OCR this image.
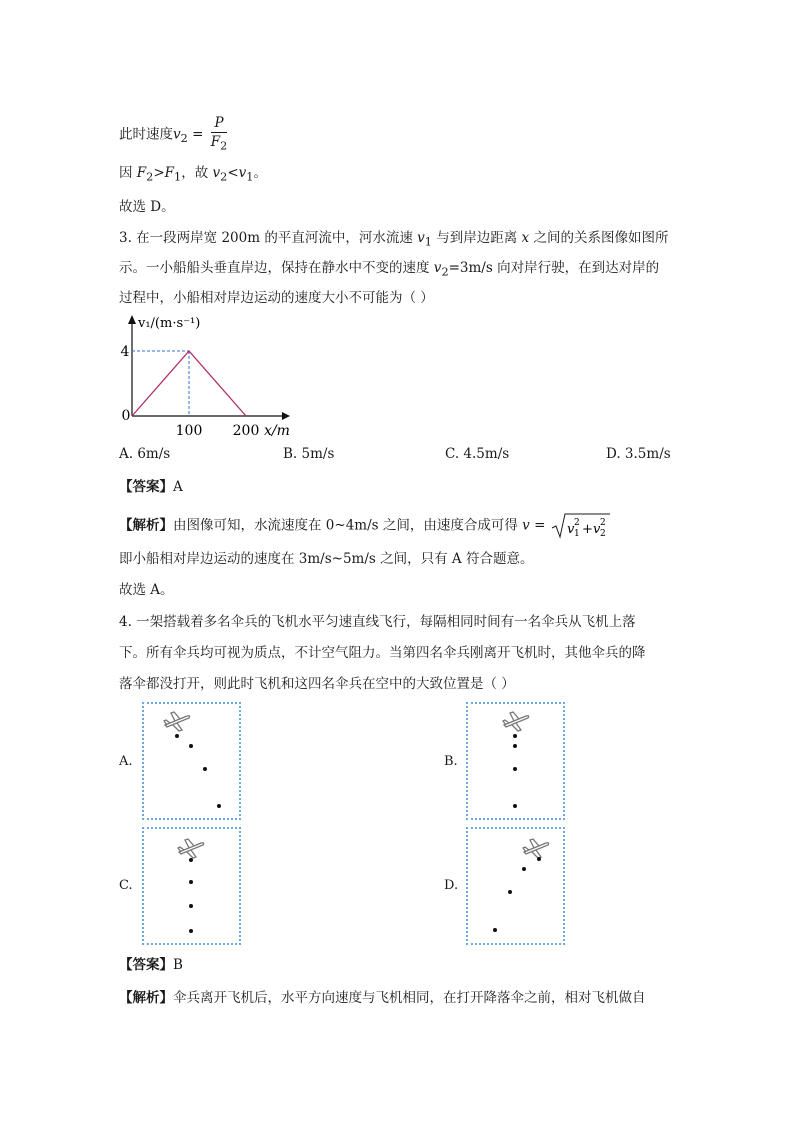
此时速度$v_2 = \frac{P}{F_2}$
因 $F_2>F_1$，故 $v_2<v_1$。
故选 D。
3. 在一段两岸宽 200m 的平直河流中，河水流速 $v_1$ 与到岸边距离 x 之间的关系图像如图所
示。一小船船头垂直岸边，保持在静水中不变的速度 $v_2=3m/s$ 向对岸行驶，在到达对岸的
过程中，小船相对岸边运动的速度大小不可能为（ ）
0
100 200
4
v₁/(m·s⁻¹)
x/m
A. 6m/s	B. 5m/s	C. 4.5m/s	D. 3.5m/s
【答案】A
【解析】由图像可知，水流速度在 0~4m/s 之间，由速度合成可得 v = v 1
2 + v 2
2
即小船相对岸边运动的速度在 3m/s~5m/s 之间，只有 A 符合题意。
故选 A。
4. 一架搭载着多名伞兵的飞机水平匀速直线飞行，每隔相同时间有一名伞兵从飞机上落
下。所有伞兵均可视为质点，不计空气阻力。当第四名伞兵刚离开飞机时，其他伞兵的降
落伞都没打开，则此时飞机和这四名伞兵在空中的大致位置是（ ）
A.	B.
C.	D.
【答案】B
【解析】伞兵离开飞机后，水平方向速度与飞机相同，在打开降落伞之前，相对飞机做自
